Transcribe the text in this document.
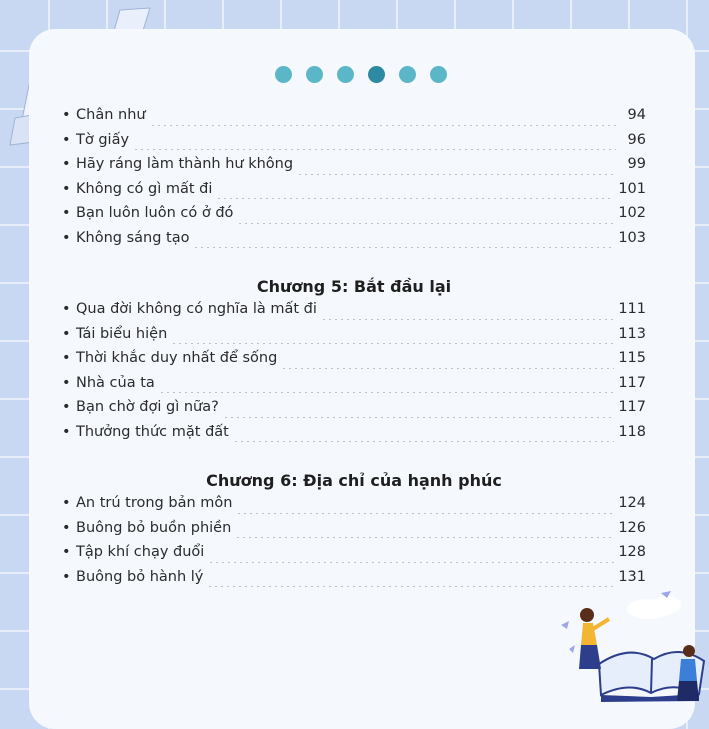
• Chân như	94
• Tờ giấy	96
• Hãy ráng làm thành hư không	99
• Không có gì mất đi	101
• Bạn luôn luôn có ở đó	102
• Không sáng tạo	103
Chương 5: Bắt đầu lại
• Qua đời không có nghĩa là mất đi	111
• Tái biểu hiện	113
• Thời khắc duy nhất để sống	115
• Nhà của ta	117
• Bạn chờ đợi gì nữa?	117
• Thưởng thức mặt đất	118
Chương 6: Địa chỉ của hạnh phúc
• An trú trong bản môn	124
• Buông bỏ buồn phiền	126
• Tập khí chạy đuổi	128
• Buông bỏ hành lý	131
